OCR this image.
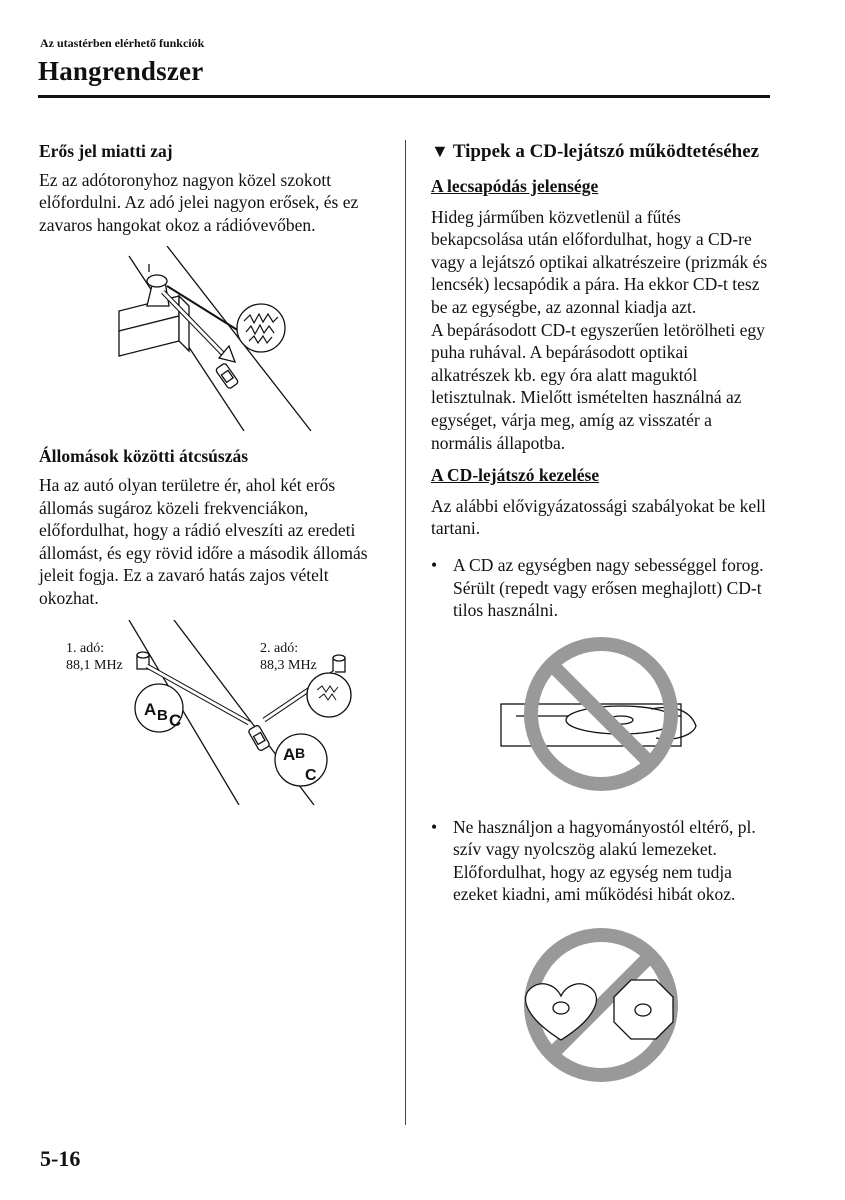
Az utastérben elérhető funkciók
Hangrendszer
Erős jel miatti zaj

Ez az adótoronyhoz nagyon közel szokott előfordulni. Az adó jelei nagyon erősek, és ez zavaros hangokat okoz a rádióvevőben.

Állomások közötti átcsúszás

Ha az autó olyan területre ér, ahol két erős állomás sugároz közeli frekvenciákon, előfordulhat, hogy a rádió elveszíti az eredeti állomást, és egy rövid időre a második állomás jeleit fogja. Ez a zavaró hatás zajos vételt okozhat.

A B C
A B
C
1. adó:
88,1 MHz
2. adó:
88,3 MHz
▼ Tippek a CD-lejátszó működtetéséhez
A lecsapódás jelensége

Hideg járműben közvetlenül a fűtés bekapcsolása után előfordulhat, hogy a CD-re vagy a lejátszó optikai alkatrészeire (prizmák és lencsék) lecsapódik a pára. Ha ekkor CD-t tesz be az egységbe, az azonnal kiadja azt.

A bepárásodott CD-t egyszerűen letörölheti egy puha ruhával. A bepárásodott optikai alkatrészek kb. egy óra alatt maguktól letisztulnak. Mielőtt ismételten használná az egységet, várja meg, amíg az visszatér a normális állapotba.

A CD-lejátszó kezelése

Az alábbi elővigyázatossági szabályokat be kell tartani.

• A CD az egységben nagy sebességgel forog. Sérült (repedt vagy erősen meghajlott) CD-t tilos használni.
• Ne használjon a hagyományostól eltérő, pl. szív vagy nyolcszög alakú lemezeket. Előfordulhat, hogy az egység nem tudja ezeket kiadni, ami működési hibát okoz.
5-16
